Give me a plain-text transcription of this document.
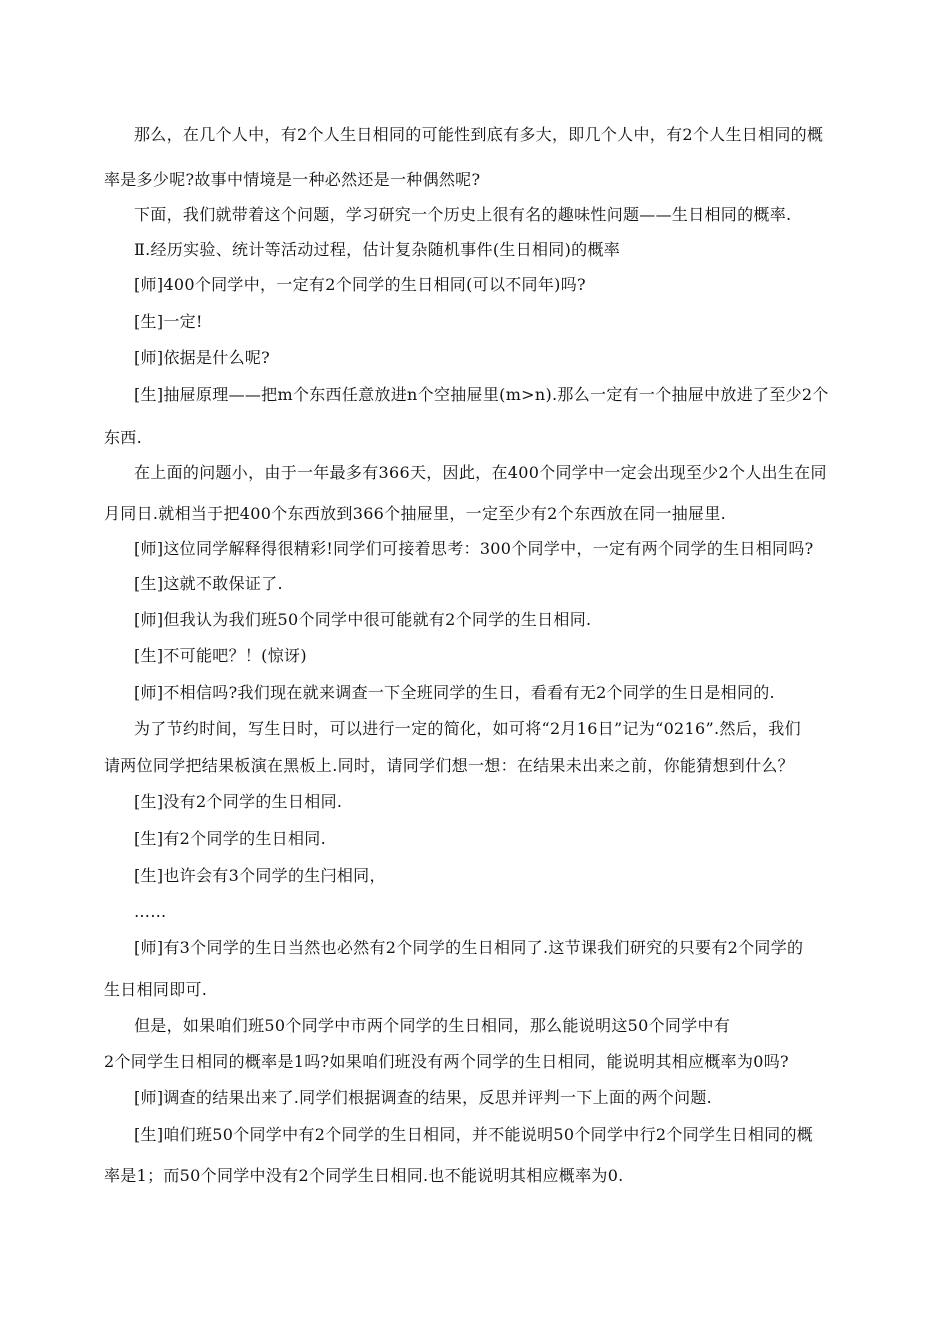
那么，在几个人中，有2个人生日相同的可能性到底有多大，即几个人中，有2个人生日相同的概
率是多少呢?故事中情境是一种必然还是一种偶然呢?
下面，我们就带着这个问题，学习研究一个历史上很有名的趣味性问题——生日相同的概率.
Ⅱ.经历实验、统计等活动过程，估计复杂随机事件(生日相同)的概率
[师]400个同学中，一定有2个同学的生日相同(可以不同年)吗?
[生]一定!
[师]依据是什么呢?
[生]抽屉原理——把m个东西任意放进n个空抽屉里(m>n).那么一定有一个抽屉中放进了至少2个
东西.
在上面的问题小，由于一年最多有366天，因此，在400个同学中一定会出现至少2个人出生在同
月同日.就相当于把400个东西放到366个抽屉里，一定至少有2个东西放在同一抽屉里.
[师]这位同学解释得很精彩!同学们可接着思考：300个同学中，一定有两个同学的生日相同吗?
[生]这就不敢保证了.
[师]但我认为我们班50个同学中很可能就有2个同学的生日相同.
[生]不可能吧？！(惊讶)
[师]不相信吗?我们现在就来调查一下全班同学的生日，看看有无2个同学的生日是相同的.
为了节约时间，写生日时，可以进行一定的简化，如可将“2月16日”记为“0216”.然后，我们
请两位同学把结果板演在黑板上.同时，请同学们想一想：在结果未出来之前，你能猜想到什么？
[生]没有2个同学的生日相同.
[生]有2个同学的生日相同.
[生]也许会有3个同学的生闩相同，
……
[师]有3个同学的生日当然也必然有2个同学的生日相同了.这节课我们研究的只要有2个同学的
生日相同即可.
但是，如果咱们班50个同学中市两个同学的生日相同，那么能说明这50个同学中有
2个同学生日相同的概率是1吗?如果咱们班没有两个同学的生日相同，能说明其相应概率为0吗?
[师]调查的结果出来了.同学们根据调查的结果，反思并评判一下上面的两个问题.
[生]咱们班50个同学中有2个同学的生日相同，并不能说明50个同学中行2个同学生日相同的概
率是1；而50个同学中没有2个同学生日相同.也不能说明其相应概率为0.
